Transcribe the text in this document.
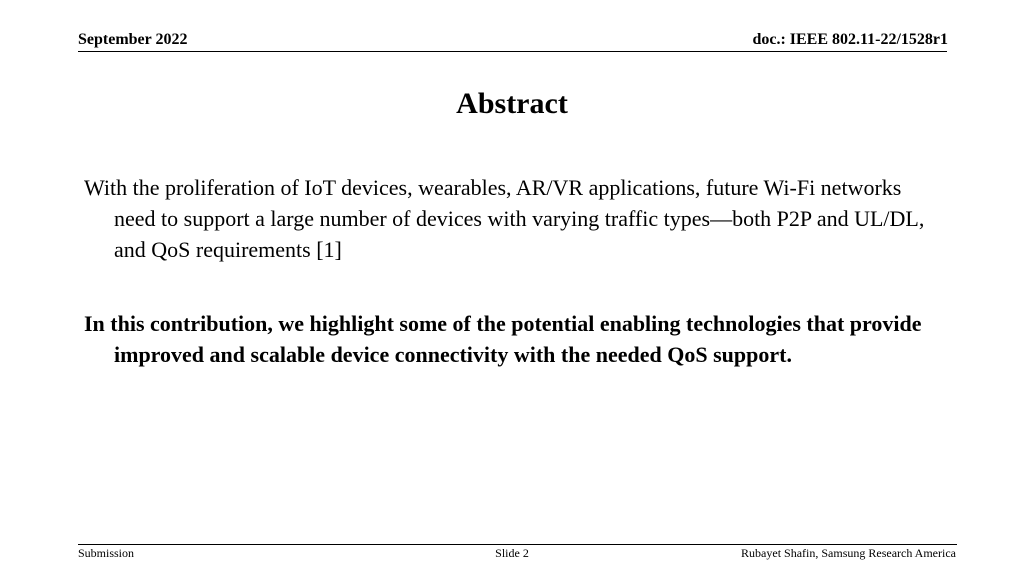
September 2022	doc.: IEEE 802.11-22/1528r1
Abstract

With the proliferation of IoT devices, wearables, AR/VR applications, future Wi-Fi networks need to support a large number of devices with varying traffic types—both P2P and UL/DL, and QoS requirements [1]

In this contribution, we highlight some of the potential enabling technologies that provide improved and scalable device connectivity with the needed QoS support.

Submission	Slide 2	Rubayet Shafin, Samsung Research America
